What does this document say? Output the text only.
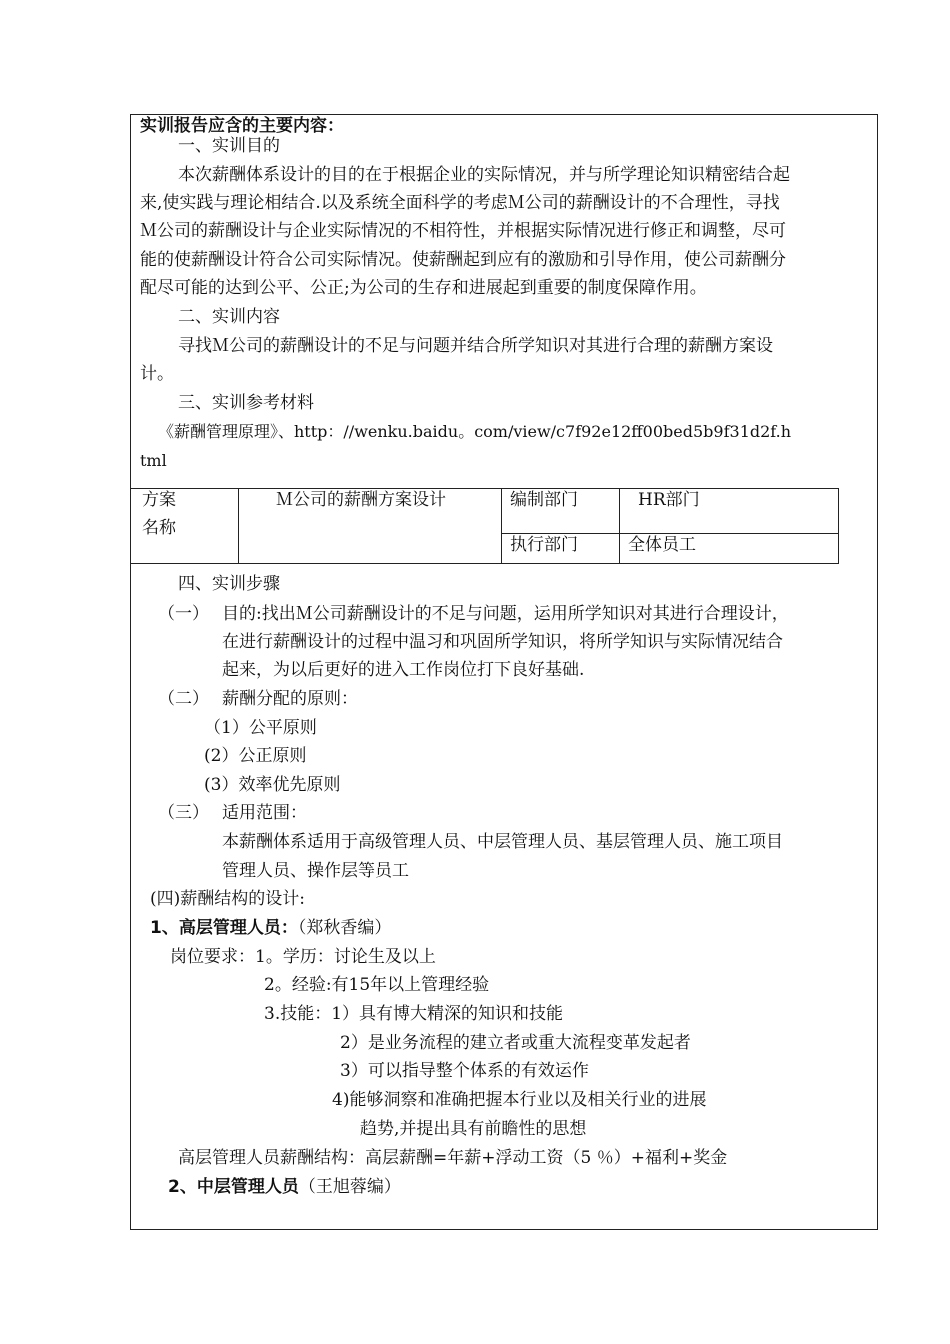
实训报告应含的主要内容：
一、实训目的
本次薪酬体系设计的目的在于根据企业的实际情况，并与所学理论知识精密结合起
来,使实践与理论相结合.以及系统全面科学的考虑Ｍ公司的薪酬设计的不合理性，寻找
Ｍ公司的薪酬设计与企业实际情况的不相符性，并根据实际情况进行修正和调整，尽可
能的使薪酬设计符合公司实际情况。使薪酬起到应有的激励和引导作用，使公司薪酬分
配尽可能的达到公平、公正;为公司的生存和进展起到重要的制度保障作用。
二、实训内容
寻找Ｍ公司的薪酬设计的不足与问题并结合所学知识对其进行合理的薪酬方案设
计。
三、实训参考材料
《薪酬管理原理》、http：//wenku.baidu。com/view/c7f92e12ff00bed5b9f31d2f.h
tml
方案
名称
Ｍ公司的薪酬方案设计	编制部门	HR部门
执行部门	全体员工
四、实训步骤
（一） 目的:找出Ｍ公司薪酬设计的不足与问题，运用所学知识对其进行合理设计，
在进行薪酬设计的过程中温习和巩固所学知识，将所学知识与实际情况结合
起来，为以后更好的进入工作岗位打下良好基础.
（二） 薪酬分配的原则：
（1）公平原则
(2）公正原则
(3）效率优先原则
（三） 适用范围：
本薪酬体系适用于高级管理人员、中层管理人员、基层管理人员、施工项目
管理人员、操作层等员工
(四)薪酬结构的设计:
1、高层管理人员：（郑秋香编）
岗位要求：1。学历：讨论生及以上
2。经验:有15年以上管理经验
3.技能：1）具有博大精深的知识和技能
2）是业务流程的建立者或重大流程变革发起者
3）可以指导整个体系的有效运作
4)能够洞察和准确把握本行业以及相关行业的进展
趋势,并提出具有前瞻性的思想
高层管理人员薪酬结构：高层薪酬=年薪+浮动工资（5 ％）+福利+奖金
2、中层管理人员（王旭蓉编）
